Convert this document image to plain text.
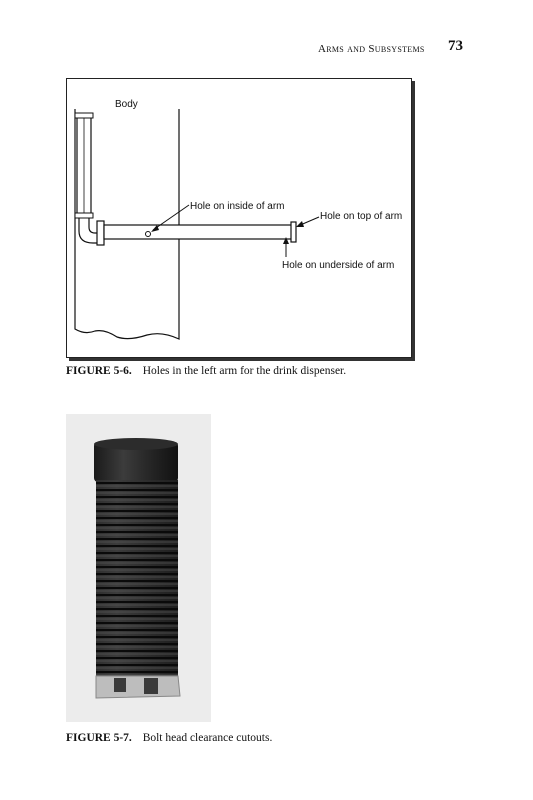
Arms and Subsystems 73
Body
Hole on inside of arm
Hole on top of arm
Hole on underside of arm
FIGURE 5-6. Holes in the left arm for the drink dispenser.
FIGURE 5-7. Bolt head clearance cutouts.
